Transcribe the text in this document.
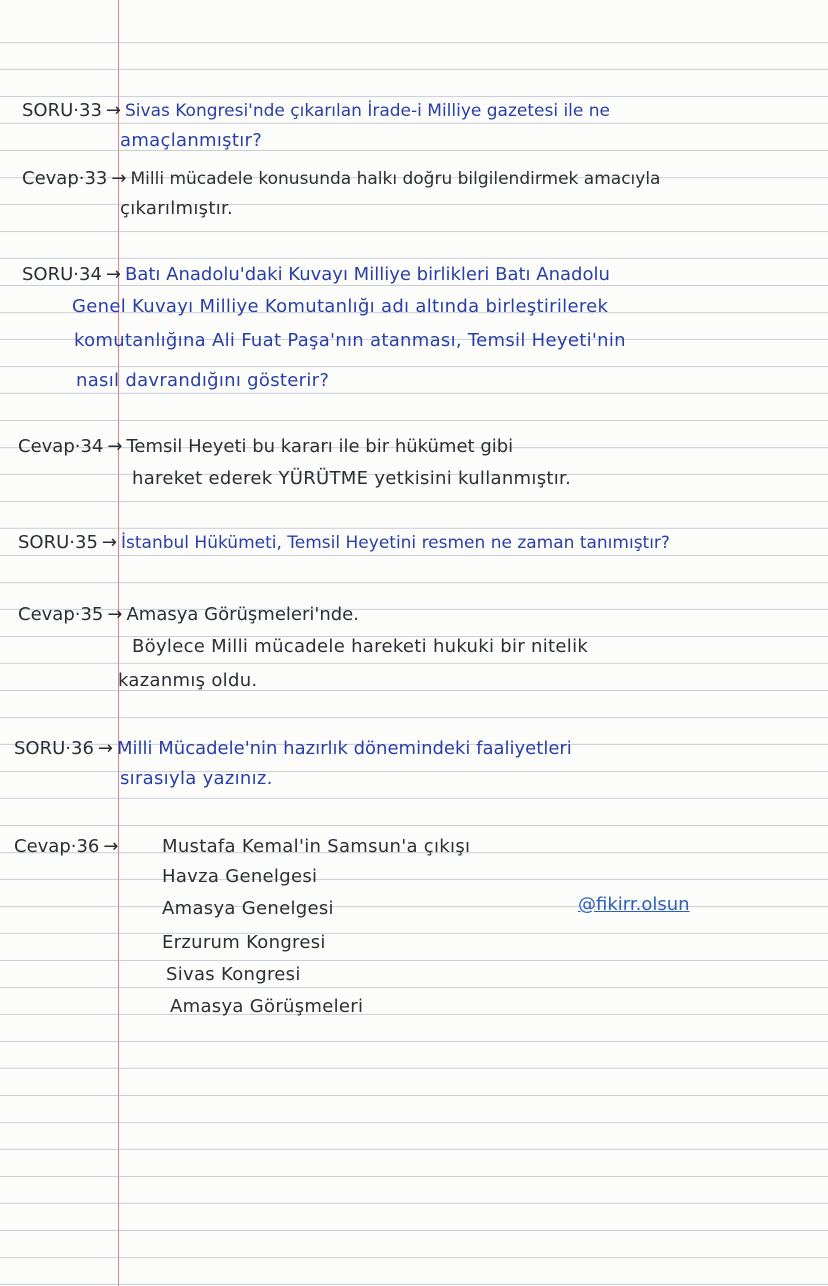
SORU·33 → Sivas Kongresi'nde çıkarılan İrade-i Milliye gazetesi ile ne

amaçlanmıştır?

Cevap·33 → Milli mücadele konusunda halkı doğru bilgilendirmek amacıyla

çıkarılmıştır.

SORU·34 → Batı Anadolu'daki Kuvayı Milliye birlikleri Batı Anadolu

Genel Kuvayı Milliye Komutanlığı adı altında birleştirilerek

komutanlığına Ali Fuat Paşa'nın atanması, Temsil Heyeti'nin

nasıl davrandığını gösterir?

Cevap·34 → Temsil Heyeti bu kararı ile bir hükümet gibi

hareket ederek YÜRÜTME yetkisini kullanmıştır.

SORU·35 → İstanbul Hükümeti, Temsil Heyetini resmen ne zaman tanımıştır?
Cevap·35 → Amasya Görüşmeleri'nde.

Böylece Milli mücadele hareketi hukuki bir nitelik

kazanmış oldu.

SORU·36 → Milli Mücadele'nin hazırlık dönemindeki faaliyetleri

sırasıyla yazınız.

Cevap·36 → Mustafa Kemal'in Samsun'a çıkışı

Havza Genelgesi

Amasya Genelgesi

Erzurum Kongresi

Sivas Kongresi

Amasya Görüşmeleri

@fikirr.olsun
